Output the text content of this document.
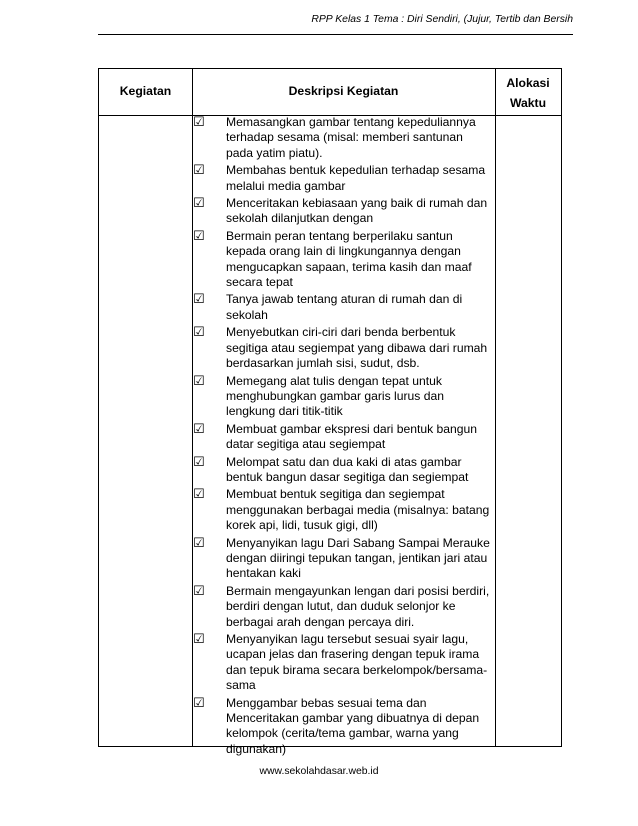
RPP Kelas 1 Tema : Diri Sendiri, (Jujur, Tertib dan Bersih
Kegiatan	Deskripsi Kegiatan
Alokasi
Waktu
☑ Memasangkan gambar tentang kepeduliannya terhadap sesama (misal: memberi santunan pada yatim piatu).
☑ Membahas bentuk kepedulian terhadap sesama melalui media gambar
☑ Menceritakan kebiasaan yang baik di rumah dan sekolah dilanjutkan dengan
☑ Bermain peran tentang berperilaku santun kepada orang lain di lingkungannya dengan mengucapkan sapaan, terima kasih dan maaf secara tepat
☑ Tanya jawab tentang aturan di rumah dan di sekolah
☑ Menyebutkan ciri-ciri dari benda berbentuk segitiga atau segiempat yang dibawa dari rumah berdasarkan jumlah sisi, sudut, dsb.
☑ Memegang alat tulis dengan tepat untuk menghubungkan gambar garis lurus dan lengkung dari titik-titik
☑ Membuat gambar ekspresi dari bentuk bangun datar segitiga atau segiempat
☑ Melompat satu dan dua kaki di atas gambar bentuk bangun dasar segitiga dan segiempat
☑ Membuat bentuk segitiga dan segiempat menggunakan berbagai media (misalnya: batang korek api, lidi, tusuk gigi, dll)
☑ Menyanyikan lagu Dari Sabang Sampai Merauke dengan diiringi tepukan tangan, jentikan jari atau hentakan kaki
☑ Bermain mengayunkan lengan dari posisi berdiri, berdiri dengan lutut, dan duduk selonjor ke berbagai arah dengan percaya diri.
☑ Menyanyikan lagu tersebut sesuai syair lagu, ucapan jelas dan frasering dengan tepuk irama dan tepuk birama secara berkelompok/bersama-sama
☑ Menggambar bebas sesuai tema dan Menceritakan gambar yang dibuatnya di depan kelompok (cerita/tema gambar, warna yang digunakan)
www.sekolahdasar.web.id
